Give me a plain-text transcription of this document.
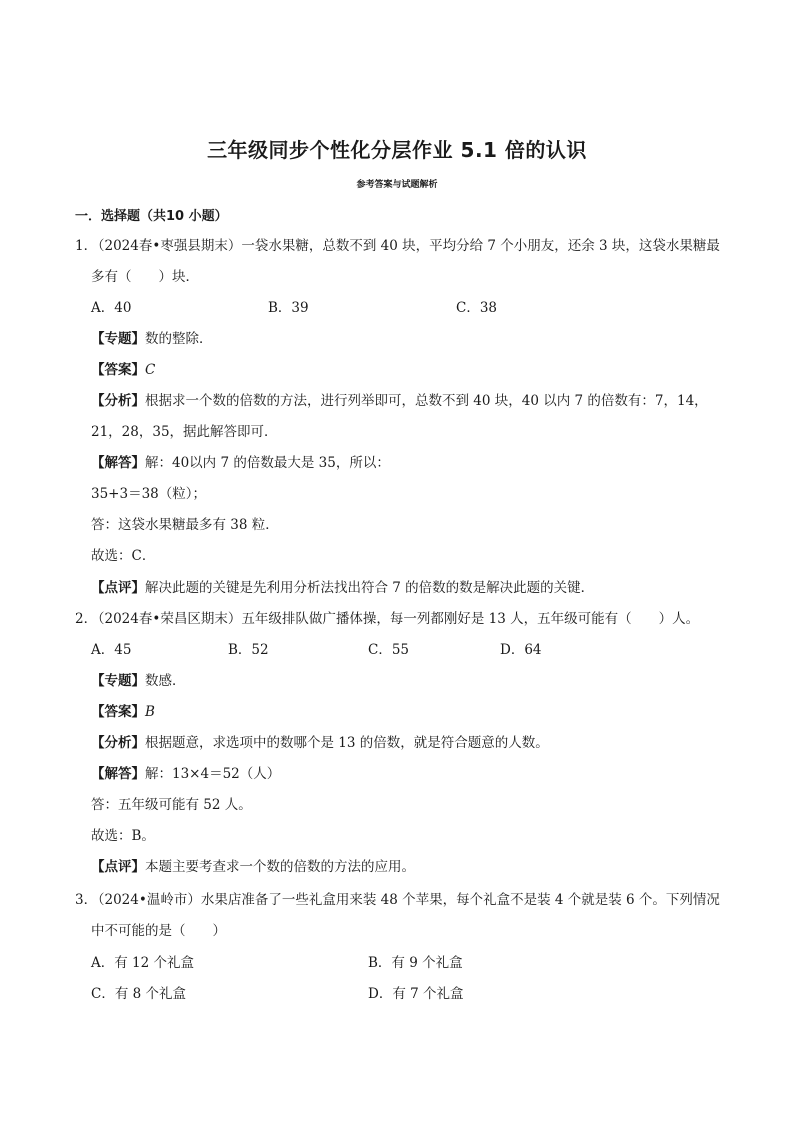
三年级同步个性化分层作业 5.1 倍的认识
参考答案与试题解析
一．选择题（共10 小题）
1．
（2024春•枣强县期末）一袋水果糖，总数不到 40 块，平均分给 7 个小朋友，还余 3 块，这袋水果糖最
多有（　　）块．
A．40	B．39	C．38
【专题】数的整除．
【答案】C
【分析】根据求一个数的倍数的方法，进行列举即可，总数不到 40 块，40 以内 7 的倍数有：7，14，
21，28，35，据此解答即可．
【解答】解：40以内 7 的倍数最大是 35，所以：
35+3＝38（粒）；
答：这袋水果糖最多有 38 粒．
故选：C．
【点评】解决此题的关键是先利用分析法找出符合 7 的倍数的数是解决此题的关键．
2．
（2024春•荣昌区期末）五年级排队做广播体操，每一列都刚好是 13 人，五年级可能有（　　）人。
A．45	B．52	C．55	D．64
【专题】数感．
【答案】B
【分析】根据题意，求选项中的数哪个是 13 的倍数，就是符合题意的人数。
【解答】解：13×4＝52（人）
答：五年级可能有 52 人。
故选：B。
【点评】本题主要考查求一个数的倍数的方法的应用。
3．
（2024•温岭市）水果店准备了一些礼盒用来装 48 个苹果，每个礼盒不是装 4 个就是装 6 个。下列情况
中不可能的是（　　）
A．有 12 个礼盒	B．有 9 个礼盒
C．有 8 个礼盒	D．有 7 个礼盒
